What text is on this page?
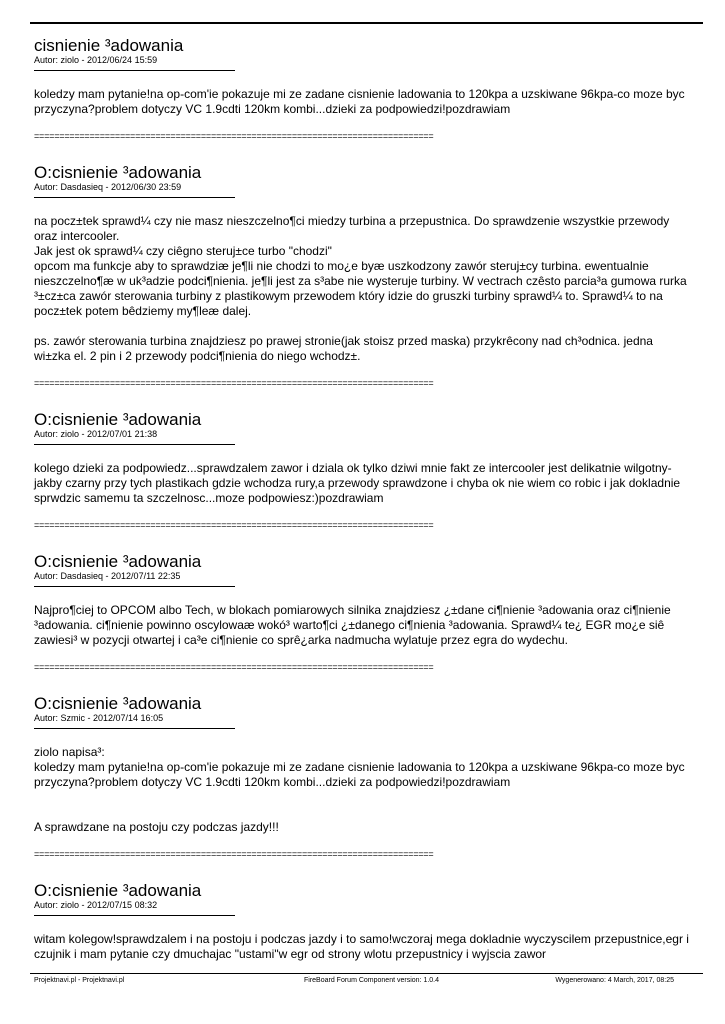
cisnienie ³adowania
Autor: ziolo - 2012/06/24 15:59

koledzy mam pytanie!na op-com'ie pokazuje mi ze zadane cisnienie ladowania to 120kpa a uzskiwane 96kpa-co moze byc przyczyna?problem dotyczy VC 1.9cdti 120km kombi...dzieki za podpowiedzi!pozdrawiam

===============================================================================
O:cisnienie ³adowania
Autor: Dasdasieq - 2012/06/30 23:59

na pocz±tek sprawd¼ czy nie masz nieszczelno¶ci miedzy turbina a przepustnica. Do sprawdzenie wszystkie przewody oraz intercooler.

Jak jest ok sprawd¼ czy ciêgno steruj±ce turbo "chodzi"

opcom ma funkcje aby to sprawdziæ je¶li nie chodzi to mo¿e byæ uszkodzony zawór steruj±cy turbina. ewentualnie nieszczelno¶æ w uk³adzie podci¶nienia. je¶li jest za s³abe nie wysteruje turbiny. W vectrach czêsto parcia³a gumowa rurka ³±cz±ca zawór sterowania turbiny z plastikowym przewodem który idzie do gruszki turbiny sprawd¼ to. Sprawd¼ to na pocz±tek potem bêdziemy my¶leæ dalej.

ps. zawór sterowania turbina znajdziesz po prawej stronie(jak stoisz przed maska) przykrêcony nad ch³odnica. jedna wi±zka el. 2 pin i 2 przewody podci¶nienia do niego wchodz±.

===============================================================================
O:cisnienie ³adowania
Autor: ziolo - 2012/07/01 21:38

kolego dzieki za podpowiedz...sprawdzalem zawor i dziala ok tylko dziwi mnie fakt ze intercooler jest delikatnie wilgotny-jakby czarny przy tych plastikach gdzie wchodza rury,a przewody sprawdzone i chyba ok nie wiem co robic i jak dokladnie sprwdzic samemu ta szczelnosc...moze podpowiesz:)pozdrawiam

===============================================================================
O:cisnienie ³adowania
Autor: Dasdasieq - 2012/07/11 22:35

Najpro¶ciej to OPCOM albo Tech, w blokach pomiarowych silnika znajdziesz ¿±dane ci¶nienie ³adowania oraz ci¶nienie ³adowania. ci¶nienie powinno oscylowaæ wokó³ warto¶ci ¿±danego ci¶nienia ³adowania. Sprawd¼ te¿ EGR mo¿e siê zawiesi³ w pozycji otwartej i ca³e ci¶nienie co sprê¿arka nadmucha wylatuje przez egra do wydechu.

===============================================================================
O:cisnienie ³adowania
Autor: Szmic - 2012/07/14 16:05

ziolo napisa³:

koledzy mam pytanie!na op-com'ie pokazuje mi ze zadane cisnienie ladowania to 120kpa a uzskiwane 96kpa-co moze byc przyczyna?problem dotyczy VC 1.9cdti 120km kombi...dzieki za podpowiedzi!pozdrawiam

A sprawdzane na postoju czy podczas jazdy!!!

===============================================================================
O:cisnienie ³adowania
Autor: ziolo - 2012/07/15 08:32

witam kolegow!sprawdzalem i na postoju i podczas jazdy i to samo!wczoraj mega dokladnie wyczyscilem przepustnice,egr i czujnik i mam pytanie czy dmuchajac "ustami"w egr od strony wlotu przepustnicy i wyjscia zawor

Projektnavi.pl - Projektnavi.pl	FireBoard Forum Component version: 1.0.4	Wygenerowano: 4 March, 2017, 08:25
